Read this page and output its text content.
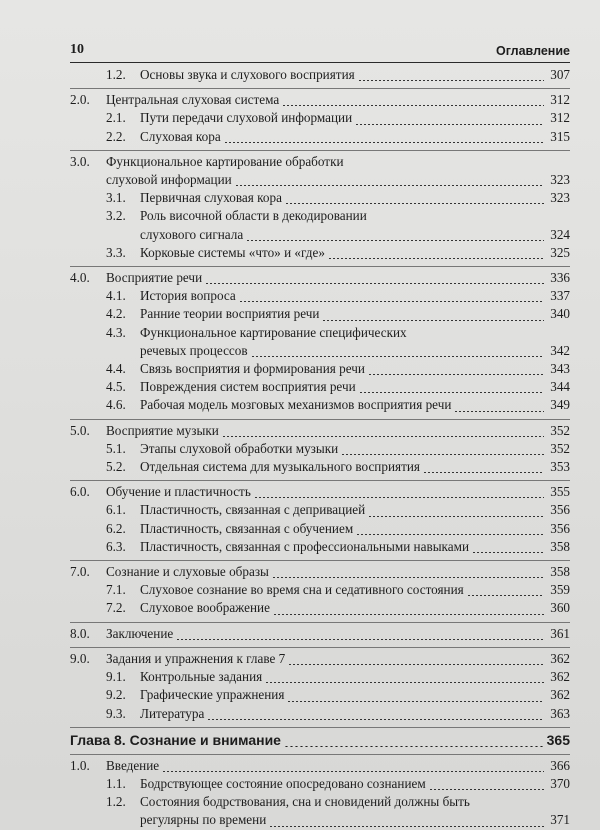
10	Оглавление
1.2.	Основы звука и слухового восприятия	307
2.0.	Центральная слуховая система	312
2.1.	Пути передачи слуховой информации	312
2.2.	Слуховая кора	315
3.0.	Функциональное картирование обработки
слуховой информации	323
3.1.	Первичная слуховая кора	323
3.2.	Роль височной области в декодировании
слухового сигнала	324
3.3.	Корковые системы «что» и «где»	325
4.0.	Восприятие речи	336
4.1.	История вопроса	337
4.2.	Ранние теории восприятия речи	340
4.3.	Функциональное картирование специфических
речевых процессов	342
4.4.	Связь восприятия и формирования речи	343
4.5.	Повреждения систем восприятия речи	344
4.6.	Рабочая модель мозговых механизмов восприятия речи	349
5.0.	Восприятие музыки	352
5.1.	Этапы слуховой обработки музыки	352
5.2.	Отдельная система для музыкального восприятия	353
6.0.	Обучение и пластичность	355
6.1.	Пластичность, связанная с депривацией	356
6.2.	Пластичность, связанная с обучением	356
6.3.	Пластичность, связанная с профессиональными навыками	358
7.0.	Сознание и слуховые образы	358
7.1.	Слуховое сознание во время сна и седативного состояния	359
7.2.	Слуховое воображение	360
8.0.	Заключение	361
9.0.	Задания и упражнения к главе 7	362
9.1.	Контрольные задания	362
9.2.	Графические упражнения	362
9.3.	Литература	363
Глава 8. Сознание и внимание	365
1.0.	Введение	366
1.1.	Бодрствующее состояние опосредовано сознанием	370
1.2.	Состояния бодрствования, сна и сновидений должны быть
регулярны по времени	371
